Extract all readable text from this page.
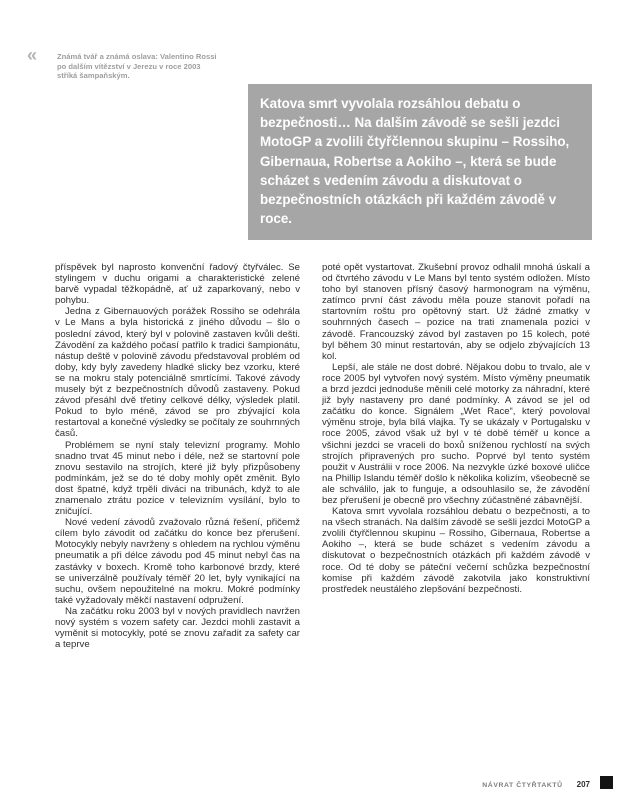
«	Známá tvář a známá oslava: Valentino Rossi po dalším vítězství v Jerezu v roce 2003 stříká šampaňským.

Katova smrt vyvolala rozsáhlou debatu o bezpečnosti… Na dalším závodě se sešli jezdci MotoGP a zvolili čtyřčlennou skupinu – Rossiho, Gibernaua, Robertse a Aokiho –, která se bude scházet s vedením závodu a diskutovat o bezpečnostních otázkách při každém závodě v roce.

příspěvek byl naprosto konvenční řadový čtyřválec. Se stylingem v duchu origami a charakteristické zelené barvě vypadal těžkopádně, ať už zaparkovaný, nebo v pohybu.

Jedna z Gibernauových porážek Rossiho se odehrála v Le Mans a byla historická z jiného důvodu – šlo o poslední závod, který byl v polovině zastaven kvůli dešti. Závodění za každého počasí patřilo k tradici šampionátu, nástup deště v polovině závodu představoval problém od doby, kdy byly zavedeny hladké slicky bez vzorku, které se na mokru staly potenciálně smrtícími. Takové závody musely být z bezpečnostních důvodů zastaveny. Pokud závod přesáhl dvě třetiny celkové délky, výsledek platil. Pokud to bylo méně, závod se pro zbývající kola restartoval a konečné výsledky se počítaly ze souhrnných časů.

Problémem se nyní staly televizní programy. Mohlo snadno trvat 45 minut nebo i déle, než se startovní pole znovu sestavilo na strojích, které již byly přizpůsobeny podmínkám, jež se do té doby mohly opět změnit. Bylo dost špatné, když trpěli diváci na tribunách, když to ale znamenalo ztrátu pozice v televizním vysílání, bylo to zničující.

Nové vedení závodů zvažovalo různá řešení, přičemž cílem bylo závodit od začátku do konce bez přerušení. Motocykly nebyly navrženy s ohledem na rychlou výměnu pneumatik a při délce závodu pod 45 minut nebyl čas na zastávky v boxech. Kromě toho karbonové brzdy, které se univerzálně používaly téměř 20 let, byly vynikající na suchu, ovšem nepoužitelné na mokru. Mokré podmínky také vyžadovaly měkčí nastavení odpružení.

Na začátku roku 2003 byl v nových pravidlech navržen nový systém s vozem safety car. Jezdci mohli zastavit a vyměnit si motocykly, poté se znovu zařadit za safety car a teprve

poté opět vystartovat. Zkušební provoz odhalil mnohá úskalí a od čtvrtého závodu v Le Mans byl tento systém odložen. Místo toho byl stanoven přísný časový harmonogram na výměnu, zatímco první část závodu měla pouze stanovit pořadí na startovním roštu pro opětovný start. Už žádné zmatky v souhrnných časech – pozice na trati znamenala pozici v závodě. Francouzský závod byl zastaven po 15 kolech, poté byl během 30 minut restartován, aby se odjelo zbývajících 13 kol.

Lepší, ale stále ne dost dobré. Nějakou dobu to trvalo, ale v roce 2005 byl vytvořen nový systém. Místo výměny pneumatik a brzd jezdci jednoduše měnili celé motorky za náhradní, které již byly nastaveny pro dané podmínky. A závod se jel od začátku do konce. Signálem „Wet Race“, který povoloval výměnu stroje, byla bílá vlajka. Ty se ukázaly v Portugalsku v roce 2005, závod však už byl v té době téměř u konce a všichni jezdci se vraceli do boxů sníženou rychlostí na svých strojích připravených pro sucho. Poprvé byl tento systém použit v Austrálii v roce 2006. Na nezvykle úzké boxové uličce na Phillip Islandu téměř došlo k několika kolizím, všeobecně se ale schválilo, jak to funguje, a odsouhlasilo se, že závodění bez přerušení je obecně pro všechny zúčastněné zábavnější.

Katova smrt vyvolala rozsáhlou debatu o bezpečnosti, a to na všech stranách. Na dalším závodě se sešli jezdci MotoGP a zvolili čtyřčlennou skupinu – Rossiho, Gibernaua, Robertse a Aokiho –, která se bude scházet s vedením závodu a diskutovat o bezpečnostních otázkách při každém závodě v roce. Od té doby se páteční večerní schůzka bezpečnostní komise při každém závodě zakotvila jako konstruktivní prostředek neustálého zlepšování bezpečnosti.

NÁVRAT ČTYŘTAKTŮ 207
